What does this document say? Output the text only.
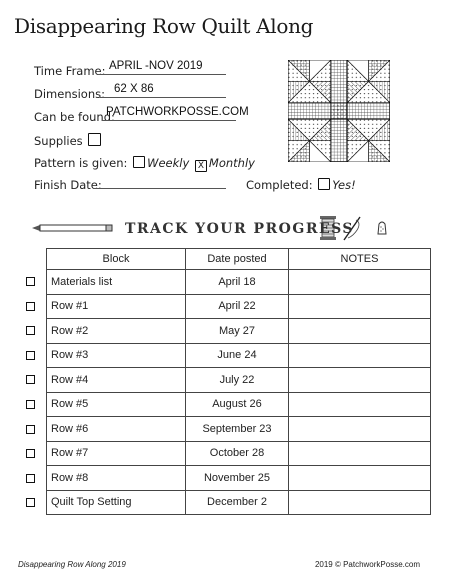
Disappearing Row Quilt Along
Time Frame: APRIL -NOV 2019
Dimensions: 62 X 86
Can be found:
PATCHWORKPOSSE.COM
Supplies
Pattern is given: Weekly X Monthly
Finish Date:	Completed: Yes!
TRACK YOUR PROGRESS
Block	Date posted	NOTES
Materials list	April 18	
Row #1	April 22	
Row #2	May 27	
Row #3	June 24	
Row #4	July 22	
Row #5	August 26	
Row #6	September 23	
Row #7	October 28	
Row #8	November 25	
Quilt Top Setting	December 2	
Disappearing Row Along 2019	2019 © PatchworkPosse.com
